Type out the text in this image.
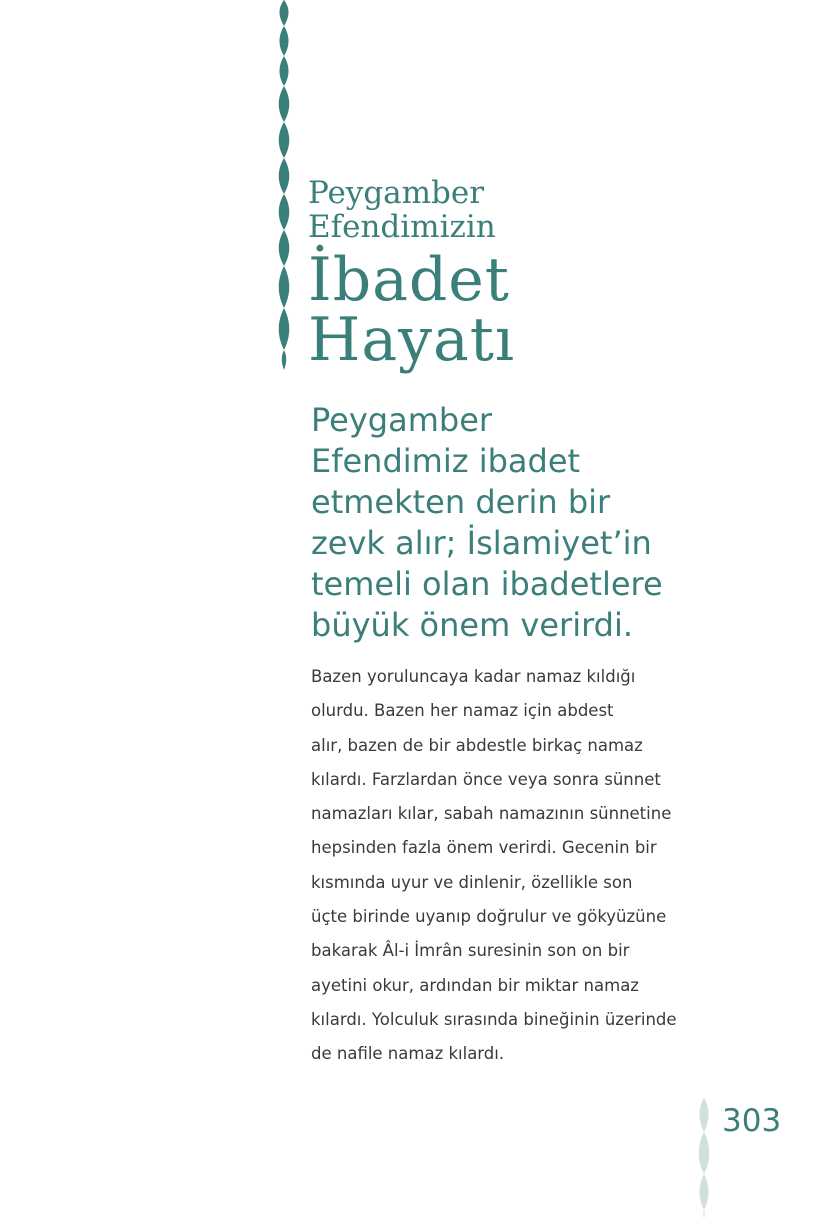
Peygamber
Efendimizin
İbadet
Hayatı

Peygamber
Efendimiz ibadet
etmekten derin bir
zevk alır; İslamiyet’in
temeli olan ibadetlere
büyük önem verirdi.

Bazen yoruluncaya kadar namaz kıldığı
olurdu. Bazen her namaz için abdest
alır, bazen de bir abdestle birkaç namaz
kılardı. Farzlardan önce veya sonra sünnet
namazları kılar, sabah namazının sünnetine
hepsinden fazla önem verirdi. Gecenin bir
kısmında uyur ve dinlenir, özellikle son
üçte birinde uyanıp doğrulur ve gökyüzüne
bakarak Âl-i İmrân suresinin son on bir
ayetini okur, ardından bir miktar namaz
kılardı. Yolculuk sırasında bineğinin üzerinde
de nafile namaz kılardı.

303
